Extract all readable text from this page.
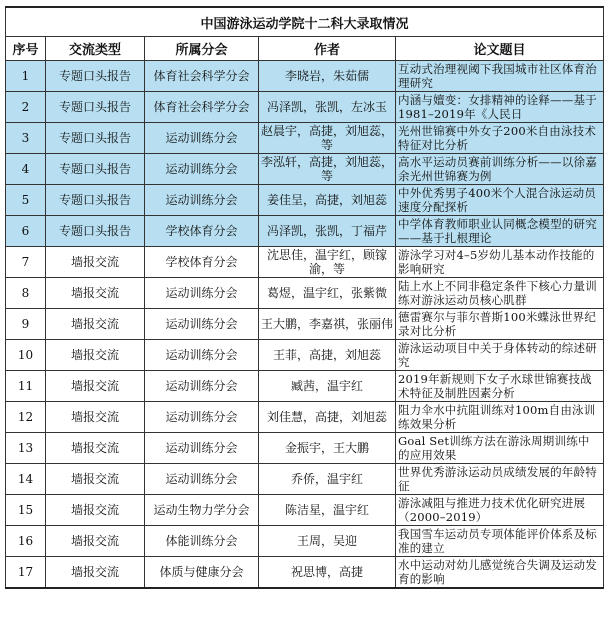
中国游泳运动学院十二科大录取情况				
序号	交流类型	所属分会	作者	论文题目
1	专题口头报告	体育社会科学分会	李晓岩，朱茹儒	互动式治理视阈下我国城市社区体育治理研究
2	专题口头报告	体育社会科学分会	冯泽凯，张凯，左冰玉	内涵与嬗变：女排精神的诠释——基于1981–2019年《人民日
3	专题口头报告	运动训练分会	赵晨宇，高捷，刘旭蕊，等	光州世锦赛中外女子200米自由泳技术特征对比分析
4	专题口头报告	运动训练分会	李泓轩，高捷，刘旭蕊，等	高水平运动员赛前训练分析——以徐嘉余光州世锦赛为例
5	专题口头报告	运动训练分会	姜佳呈，高捷，刘旭蕊	中外优秀男子400米个人混合泳运动员速度分配探析
6	专题口头报告	学校体育分会	冯泽凯，张凯，丁福芹	中学体育教师职业认同概念模型的研究——基于扎根理论
7	墙报交流	学校体育分会	沈思佳，温宇红，顾镓渝，等	游泳学习对4–5岁幼儿基本动作技能的影响研究
8	墙报交流	运动训练分会	葛煜，温宇红，张紫微	陆上水上不同非稳定条件下核心力量训练对游泳运动员核心肌群
9	墙报交流	运动训练分会	王大鹏，李嘉祺，张丽伟	德雷赛尔与菲尔普斯100米蝶泳世界纪录对比分析
10	墙报交流	运动训练分会	王菲，高捷，刘旭蕊	游泳运动项目中关于身体转动的综述研究
11	墙报交流	运动训练分会	臧茜，温宇红	2019年新规则下女子水球世锦赛技战术特征及制胜因素分析
12	墙报交流	运动训练分会	刘佳慧，高捷，刘旭蕊	阻力伞水中抗阻训练对100m自由泳训练效果分析
13	墙报交流	运动训练分会	金振宇，王大鹏	Goal Set训练方法在游泳周期训练中的应用效果
14	墙报交流	运动训练分会	乔侨，温宇红	世界优秀游泳运动员成绩发展的年龄特征
15	墙报交流	运动生物力学分会	陈洁星，温宇红	游泳减阻与推进力技术优化研究进展（2000–2019）
16	墙报交流	体能训练分会	王周，吴迎	我国雪车运动员专项体能评价体系及标准的建立
17	墙报交流	体质与健康分会	祝思博，高捷	水中运动对幼儿感觉统合失调及运动发育的影响
